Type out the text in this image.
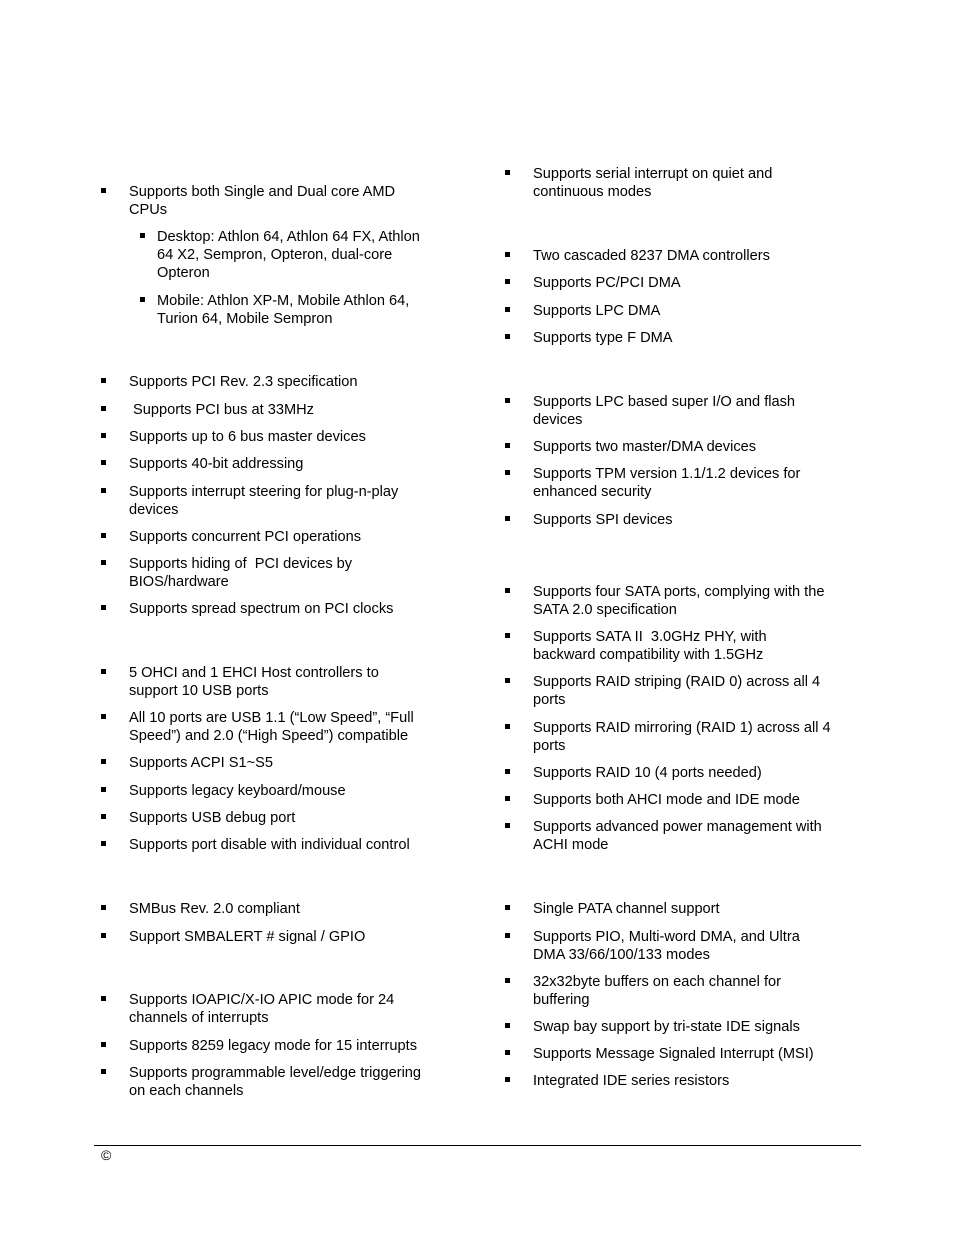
Supports both Single and Dual core AMD
CPUs
Desktop: Athlon 64, Athlon 64 FX, Athlon
64 X2, Sempron, Opteron, dual-core
Opteron
Mobile: Athlon XP-M, Mobile Athlon 64,
Turion 64, Mobile Sempron
Supports PCI Rev. 2.3 specification
Supports PCI bus at 33MHz
Supports up to 6 bus master devices
Supports 40-bit addressing
Supports interrupt steering for plug-n-play
devices
Supports concurrent PCI operations
Supports hiding of  PCI devices by
BIOS/hardware
Supports spread spectrum on PCI clocks
5 OHCI and 1 EHCI Host controllers to
support 10 USB ports
All 10 ports are USB 1.1 (“Low Speed”, “Full
Speed”) and 2.0 (“High Speed”) compatible
Supports ACPI S1~S5
Supports legacy keyboard/mouse
Supports USB debug port
Supports port disable with individual control
SMBus Rev. 2.0 compliant
Support SMBALERT # signal / GPIO
Supports IOAPIC/X-IO APIC mode for 24
channels of interrupts
Supports 8259 legacy mode for 15 interrupts
Supports programmable level/edge triggering
on each channels
Supports serial interrupt on quiet and
continuous modes
Two cascaded 8237 DMA controllers
Supports PC/PCI DMA
Supports LPC DMA
Supports type F DMA
Supports LPC based super I/O and flash
devices
Supports two master/DMA devices
Supports TPM version 1.1/1.2 devices for
enhanced security
Supports SPI devices
Supports four SATA ports, complying with the
SATA 2.0 specification
Supports SATA II  3.0GHz PHY, with
backward compatibility with 1.5GHz
Supports RAID striping (RAID 0) across all 4
ports
Supports RAID mirroring (RAID 1) across all 4
ports
Supports RAID 10 (4 ports needed)
Supports both AHCI mode and IDE mode
Supports advanced power management with
ACHI mode
Single PATA channel support
Supports PIO, Multi-word DMA, and Ultra
DMA 33/66/100/133 modes
32x32byte buffers on each channel for
buffering
Swap bay support by tri-state IDE signals
Supports Message Signaled Interrupt (MSI)
Integrated IDE series resistors
©
